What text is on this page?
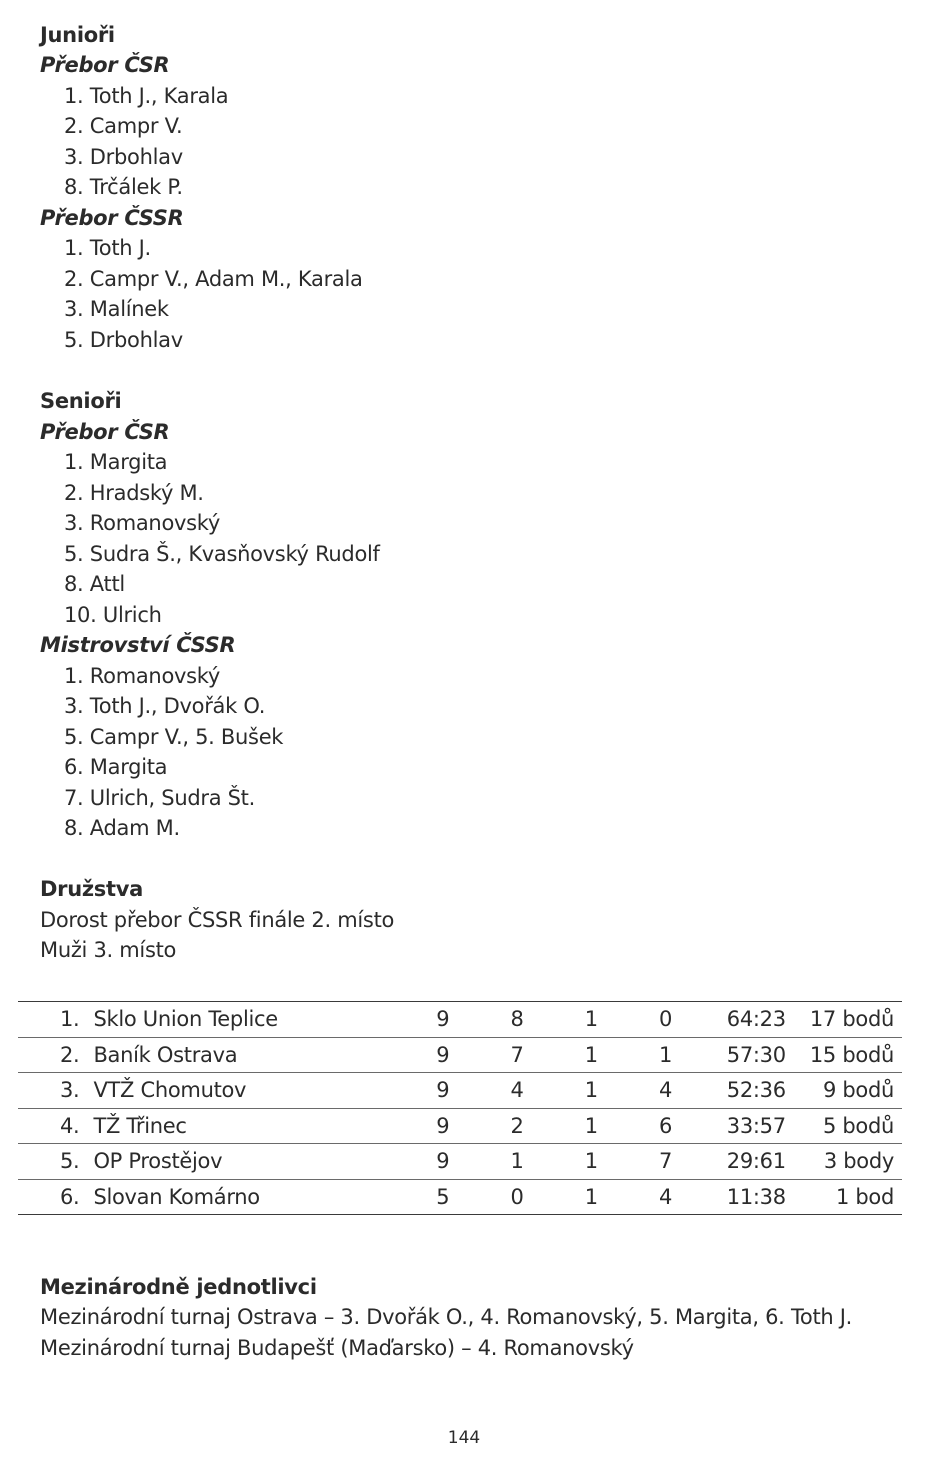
Junioři
Přebor ČSR
1. Toth J., Karala
2. Campr V.
3. Drbohlav
8. Trčálek P.
Přebor ČSSR
1. Toth J.
2. Campr V., Adam M., Karala
3. Malínek
5. Drbohlav
Senioři
Přebor ČSR
1. Margita
2. Hradský M.
3. Romanovský
5. Sudra Š., Kvasňovský Rudolf
8. Attl
10. Ulrich
Mistrovství ČSSR
1. Romanovský
3. Toth J., Dvořák O.
5. Campr V., 5. Bušek
6. Margita
7. Ulrich, Sudra Št.
8. Adam M.
Družstva
Dorost přebor ČSSR finále 2. místo
Muži 3. místo
1.	Sklo Union Teplice	9	8	1	0	64:23	17 bodů
2.	Baník Ostrava	9	7	1	1	57:30	15 bodů
3.	VTŽ Chomutov	9	4	1	4	52:36	9 bodů
4.	TŽ Třinec	9	2	1	6	33:57	5 bodů
5.	OP Prostějov	9	1	1	7	29:61	3 body
6.	Slovan Komárno	5	0	1	4	11:38	1 bod
Mezinárodně jednotlivci
Mezinárodní turnaj Ostrava – 3. Dvořák O., 4. Romanovský, 5. Margita, 6. Toth J.
Mezinárodní turnaj Budapešť (Maďarsko) – 4. Romanovský
144
